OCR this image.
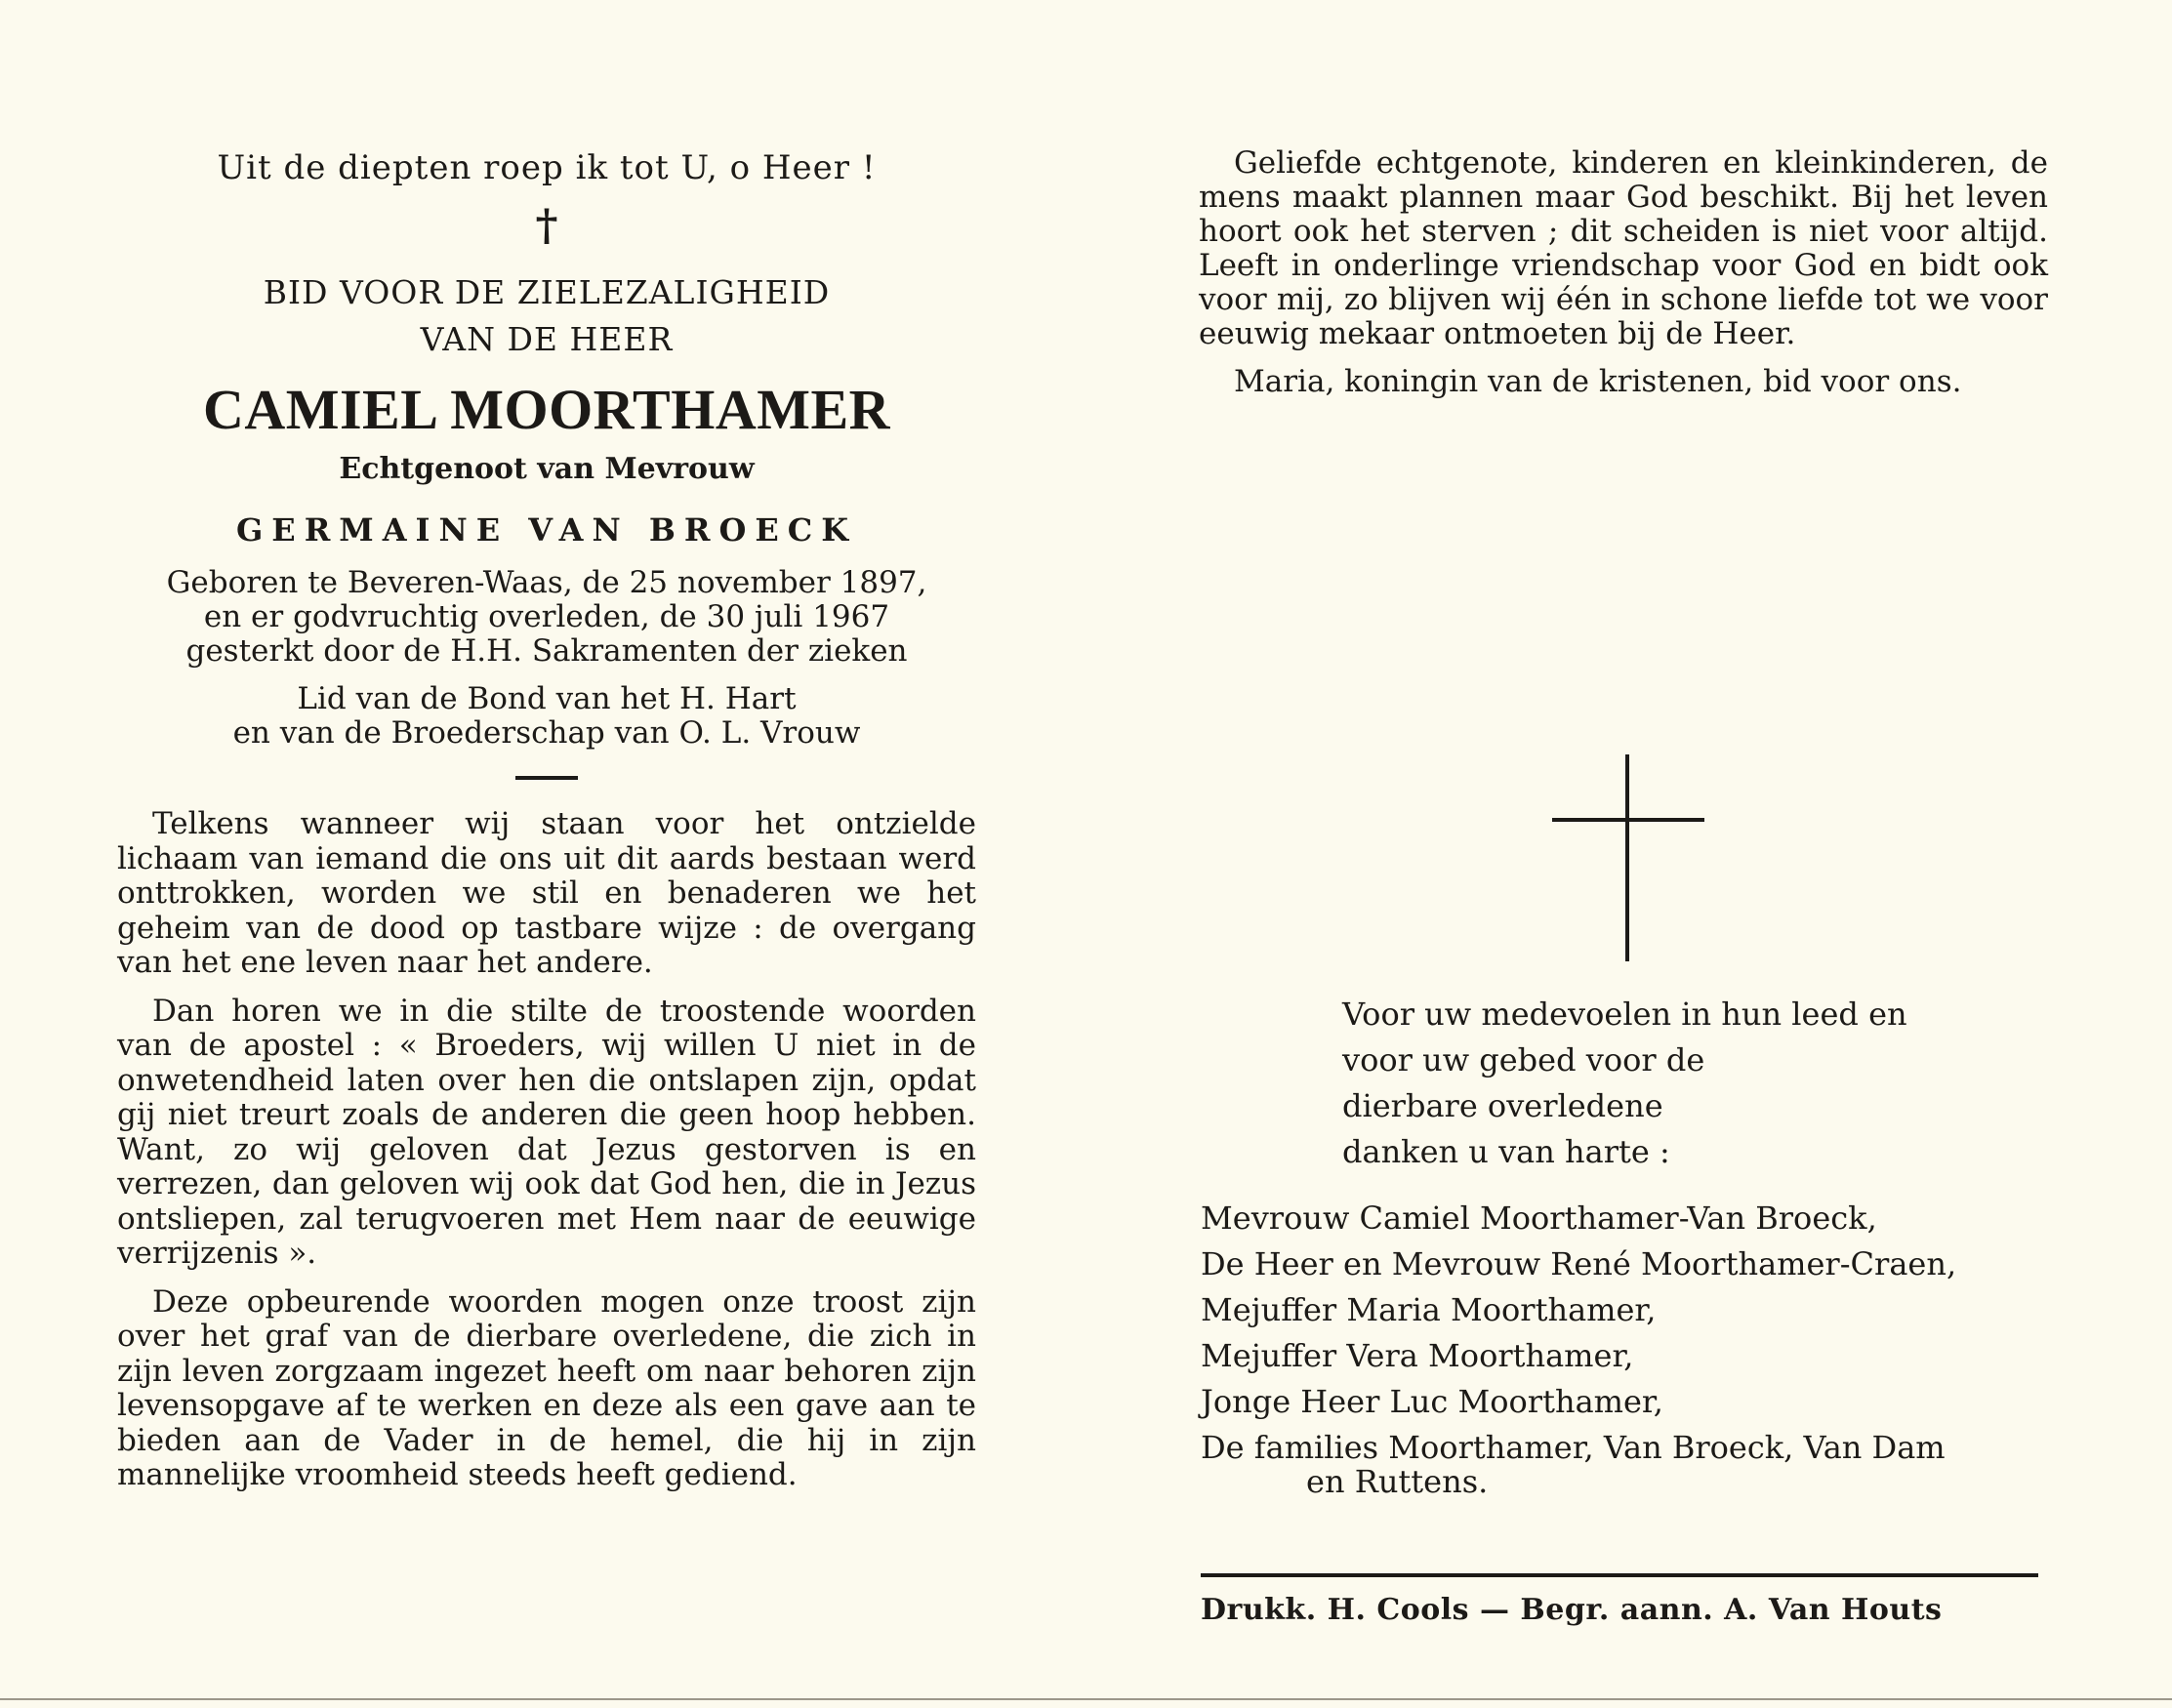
Uit de diepten roep ik tot U, o Heer !
†
BID VOOR DE ZIELEZALIGHEID
VAN DE HEER
CAMIEL MOORTHAMER
Echtgenoot van Mevrouw
GERMAINE VAN BROECK
Geboren te Beveren-Waas, de 25 november 1897,
en er godvruchtig overleden, de 30 juli 1967
gesterkt door de H.H. Sakramenten der zieken
Lid van de Bond van het H. Hart
en van de Broederschap van O. L. Vrouw

Telkens wanneer wij staan voor het ontzielde lichaam van iemand die ons uit dit aards bestaan werd onttrokken, worden we stil en benaderen we het geheim van de dood op tastbare wijze : de overgang van het ene leven naar het andere.

Dan horen we in die stilte de troostende woorden van de apostel : « Broeders, wij willen U niet in de onwetendheid laten over hen die ontslapen zijn, opdat gij niet treurt zoals de anderen die geen hoop hebben. Want, zo wij geloven dat Jezus gestorven is en verrezen, dan geloven wij ook dat God hen, die in Jezus ontsliepen, zal terugvoeren met Hem naar de eeuwige verrijzenis ».

Deze opbeurende woorden mogen onze troost zijn over het graf van de dierbare overledene, die zich in zijn leven zorgzaam ingezet heeft om naar behoren zijn levensopgave af te werken en deze als een gave aan te bieden aan de Vader in de hemel, die hij in zijn mannelijke vroomheid steeds heeft gediend.

Geliefde echtgenote, kinderen en kleinkinderen, de mens maakt plannen maar God beschikt. Bij het leven hoort ook het sterven ; dit scheiden is niet voor altijd. Leeft in onderlinge vriendschap voor God en bidt ook voor mij, zo blijven wij één in schone liefde tot we voor eeuwig mekaar ontmoeten bij de Heer.

Maria, koningin van de kristenen, bid voor ons.

Voor uw medevoelen in hun leed en
voor uw gebed voor de
dierbare overledene
danken u van harte :
Mevrouw Camiel Moorthamer-Van Broeck,
De Heer en Mevrouw René Moorthamer-Craen,
Mejuffer Maria Moorthamer,
Mejuffer Vera Moorthamer,
Jonge Heer Luc Moorthamer,
De families Moorthamer, Van Broeck, Van Dam
en Ruttens.
Drukk. H. Cools — Begr. aann. A. Van Houts
